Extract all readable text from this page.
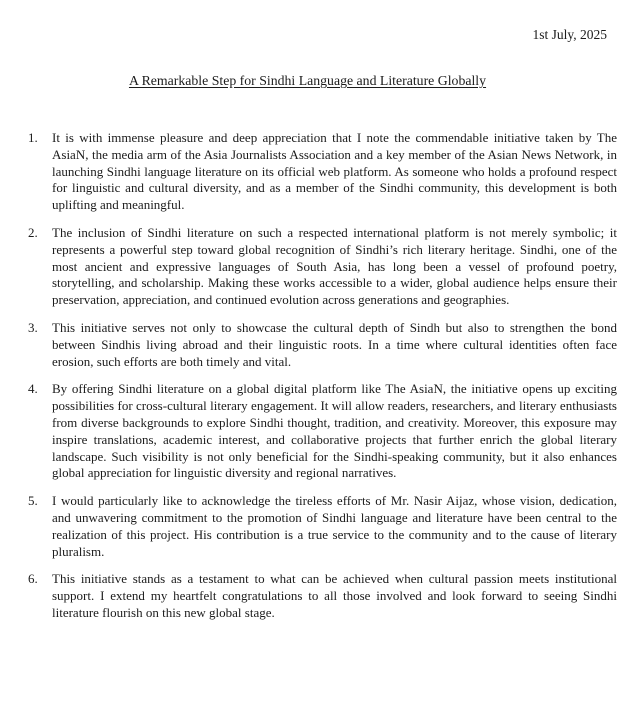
1st July, 2025
A Remarkable Step for Sindhi Language and Literature Globally
1.	It is with immense pleasure and deep appreciation that I note the commendable initiative taken by The AsiaN, the media arm of the Asia Journalists Association and a key member of the Asian News Network, in launching Sindhi language literature on its official web platform. As someone who holds a profound respect for linguistic and cultural diversity, and as a member of the Sindhi community, this development is both uplifting and meaningful.
2.	The inclusion of Sindhi literature on such a respected international platform is not merely symbolic; it represents a powerful step toward global recognition of Sindhi’s rich literary heritage. Sindhi, one of the most ancient and expressive languages of South Asia, has long been a vessel of profound poetry, storytelling, and scholarship. Making these works accessible to a wider, global audience helps ensure their preservation, appreciation, and continued evolution across generations and geographies.
3.	This initiative serves not only to showcase the cultural depth of Sindh but also to strengthen the bond between Sindhis living abroad and their linguistic roots. In a time where cultural identities often face erosion, such efforts are both timely and vital.
4.	By offering Sindhi literature on a global digital platform like The AsiaN, the initiative opens up exciting possibilities for cross-cultural literary engagement. It will allow readers, researchers, and literary enthusiasts from diverse backgrounds to explore Sindhi thought, tradition, and creativity. Moreover, this exposure may inspire translations, academic interest, and collaborative projects that further enrich the global literary landscape. Such visibility is not only beneficial for the Sindhi-speaking community, but it also enhances global appreciation for linguistic diversity and regional narratives.
5.	I would particularly like to acknowledge the tireless efforts of Mr. Nasir Aijaz, whose vision, dedication, and unwavering commitment to the promotion of Sindhi language and literature have been central to the realization of this project. His contribution is a true service to the community and to the cause of literary pluralism.
6.	This initiative stands as a testament to what can be achieved when cultural passion meets institutional support. I extend my heartfelt congratulations to all those involved and look forward to seeing Sindhi literature flourish on this new global stage.
